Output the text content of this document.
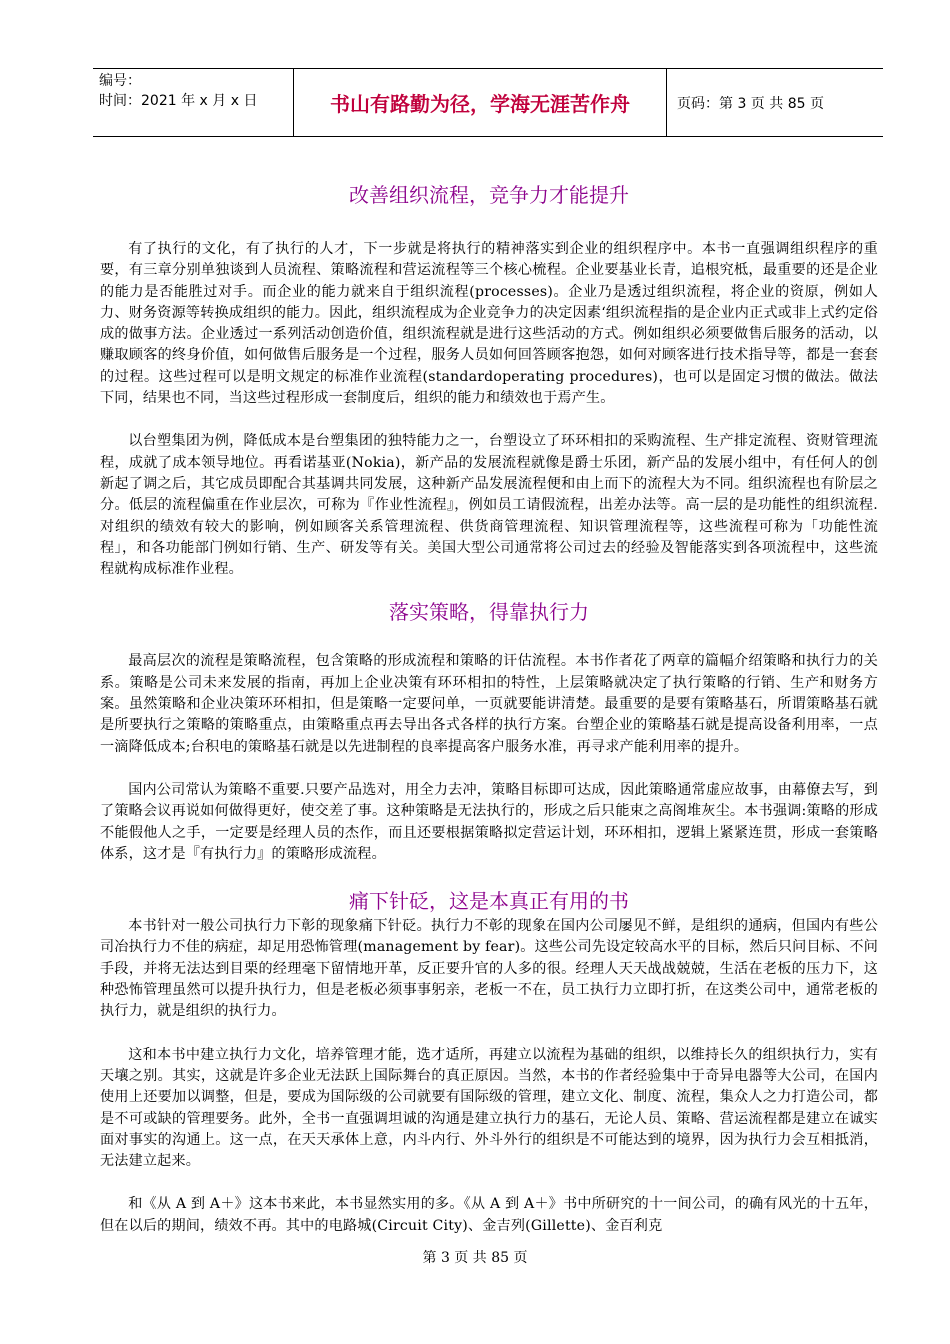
编号：
时间：2021 年 x 月 x 日	书山有路勤为径，学海无涯苦作舟	页码：第 3 页 共 85 页
改善组织流程，竞争力才能提升

有了执行的文化，有了执行的人才，下一步就是将执行的精神落实到企业的组织程序中。本书一直强调组织程序的重要，有三章分别单独谈到人员流程、策略流程和营运流程等三个核心梳程。企业要基业长青，追根究柢，最重要的还是企业的能力是否能胜过对手。而企业的能力就来自于组织流程(processes)。企业乃是透过组织流程，将企业的资原，例如人力、财务资源等转换成组织的能力。因此，组织流程成为企业竞争力的决定因素‘组织流程指的是企业内正式或非上式约定俗成的做事方法。企业透过一系列活动创造价值，组织流程就是进行这些活动的方式。例如组织必须要做售后服务的活动，以赚取顾客的终身价值，如何做售后服务是一个过程，服务人员如何回答顾客抱怨，如何对顾客进行技术指导等，都是一套套的过程。这些过程可以是明文规定的标准作业流程(standardoperating procedures)，也可以是固定习惯的做法。做法下同，结果也不同，当这些过程形成一套制度后，组织的能力和绩效也于焉产生。

以台塑集团为例，降低成本是台塑集团的独特能力之一，台塑设立了环环相扣的采购流程、生产排定流程、资财管理流程，成就了成本领导地位。再看诺基亚(Nokia)，新产品的发展流程就像是爵士乐团，新产品的发展小组中，有任何人的创新起了调之后，其它成员即配合其基调共同发展，这种新产品发展流程便和由上而下的流程大为不同。组织流程也有阶层之分。低层的流程偏重在作业层次，可称为『作业性流程』，例如员工请假流程，出差办法等。高一层的是功能性的组织流程.对组织的绩效有较大的影响，例如顾客关系管理流程、供货商管理流程、知识管理流程等，这些流程可称为「功能性流程」，和各功能部门例如行销、生产、研发等有关。美国大型公司通常将公司过去的经验及智能落实到各项流程中，这些流程就构成标准作业程。

落实策略，得靠执行力

最高层次的流程是策略流程，包含策略的形成流程和策略的讦估流程。本书作者花了两章的篇幅介绍策略和执行力的关系。策略是公司未来发展的指南，再加上企业决策有环环相扣的特性，上层策略就决定了执行策略的行销、生产和财务方案。虽然策略和企业决策环环相扣，但是策略一定要问单，一页就要能讲清楚。最重要的是要有策略基石，所谓策略基石就是所要执行之策略的策略重点，由策略重点再去导出各式各样的执行方案。台塑企业的策略基石就是提高设备利用率，一点一滴降低成本;台积电的策略基石就是以先进制程的良率提高客户服务水准，再寻求产能利用率的提升。

国内公司常认为策略不重要.只要产品选对，用全力去冲，策略目标即可达成，因此策略通常虚应故事，由幕僚去写，到了策略会议再说如何做得更好，使交差了事。这种策略是无法执行的，形成之后只能束之高阁堆灰尘。本书强调:策略的形成不能假他人之手，一定要是经理人员的杰作，而且还要根据策略拟定营运计划，环环相扣，逻辑上紧紧连贯，形成一套策略体系，这才是『有执行力』的策略形成流程。

痛下针砭，这是本真正有用的书

本书针对一般公司执行力下彰的现象痛下针砭。执行力不彰的现象在国内公司屡见不鲜，是组织的通病，但国内有些公司冶执行力不佳的病症，却足用恐怖管理(management by fear)。这些公司先设定较高水平的目标，然后只问目标、不问手段，并将无法达到目栗的经理毫下留情地开革，反正要升官的人多的很。经理人天天战战兢兢，生活在老板的压力下，这种恐怖管理虽然可以提升执行力，但是老板必须事事躬亲，老板一不在，员工执行力立即打折，在这类公司中，通常老板的执行力，就是组织的执行力。

这和本书中建立执行力文化，培养管理才能，选才适所，再建立以流程为基础的组织，以维持长久的组织执行力，实有天壤之别。其实，这就是许多企业无法跃上国际舞台的真正原因。当然，本书的作者经验集中于奇异电器等大公司，在国内使用上还要加以调整，但是，要成为国际级的公司就要有国际级的管理，建立文化、制度、流程，集众人之力打造公司，都是不可或缺的管理要务。此外，全书一直强调坦诚的沟通是建立执行力的基石，无论人员、策略、营运流程都是建立在诚实面对事实的沟通上。这一点，在天天承体上意，内斗内行、外斗外行的组织是不可能达到的境界，因为执行力会互相抵消，无法建立起来。

和《从 A 到 A＋》这本书来此，本书显然实用的多。《从 A 到 A＋》书中所研究的十一间公司，的确有风光的十五年，但在以后的期间，绩效不再。其中的电路城(Circuit City)、金吉列(Gillette)、金百利克

第 3 页 共 85 页
